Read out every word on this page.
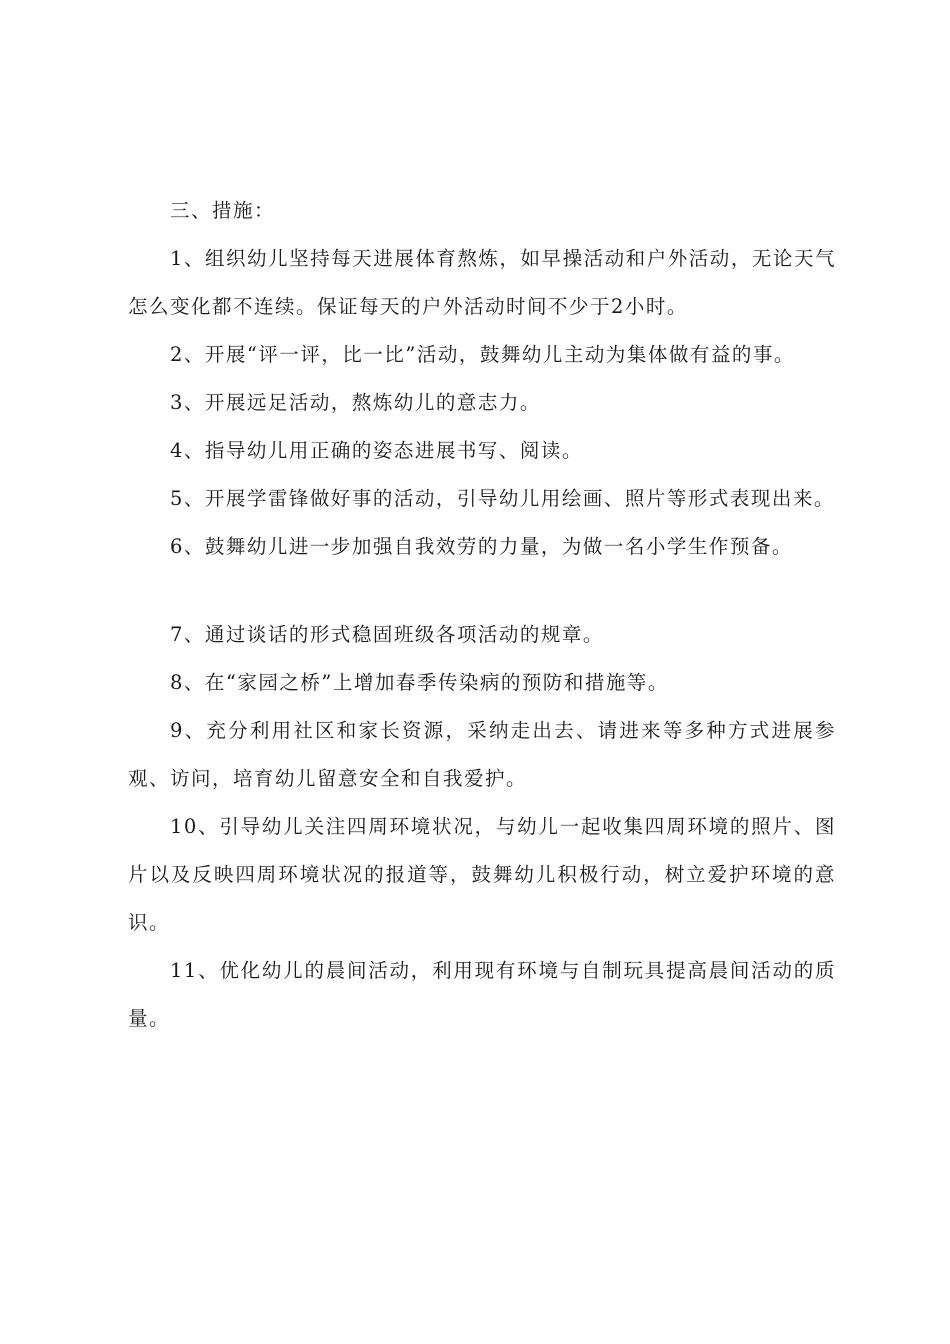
三、措施：

1、组织幼儿坚持每天进展体育熬炼，如早操活动和户外活动，无论天气怎么变化都不连续。保证每天的户外活动时间不少于2小时。

2、开展“评一评，比一比”活动，鼓舞幼儿主动为集体做有益的事。

3、开展远足活动，熬炼幼儿的意志力。

4、指导幼儿用正确的姿态进展书写、阅读。

5、开展学雷锋做好事的活动，引导幼儿用绘画、照片等形式表现出来。

6、鼓舞幼儿进一步加强自我效劳的力量，为做一名小学生作预备。

7、通过谈话的形式稳固班级各项活动的规章。

8、在“家园之桥”上增加春季传染病的预防和措施等。

9、充分利用社区和家长资源，采纳走出去、请进来等多种方式进展参观、访问，培育幼儿留意安全和自我爱护。

10、引导幼儿关注四周环境状况，与幼儿一起收集四周环境的照片、图片以及反映四周环境状况的报道等，鼓舞幼儿积极行动，树立爱护环境的意识。

11、优化幼儿的晨间活动，利用现有环境与自制玩具提高晨间活动的质量。
